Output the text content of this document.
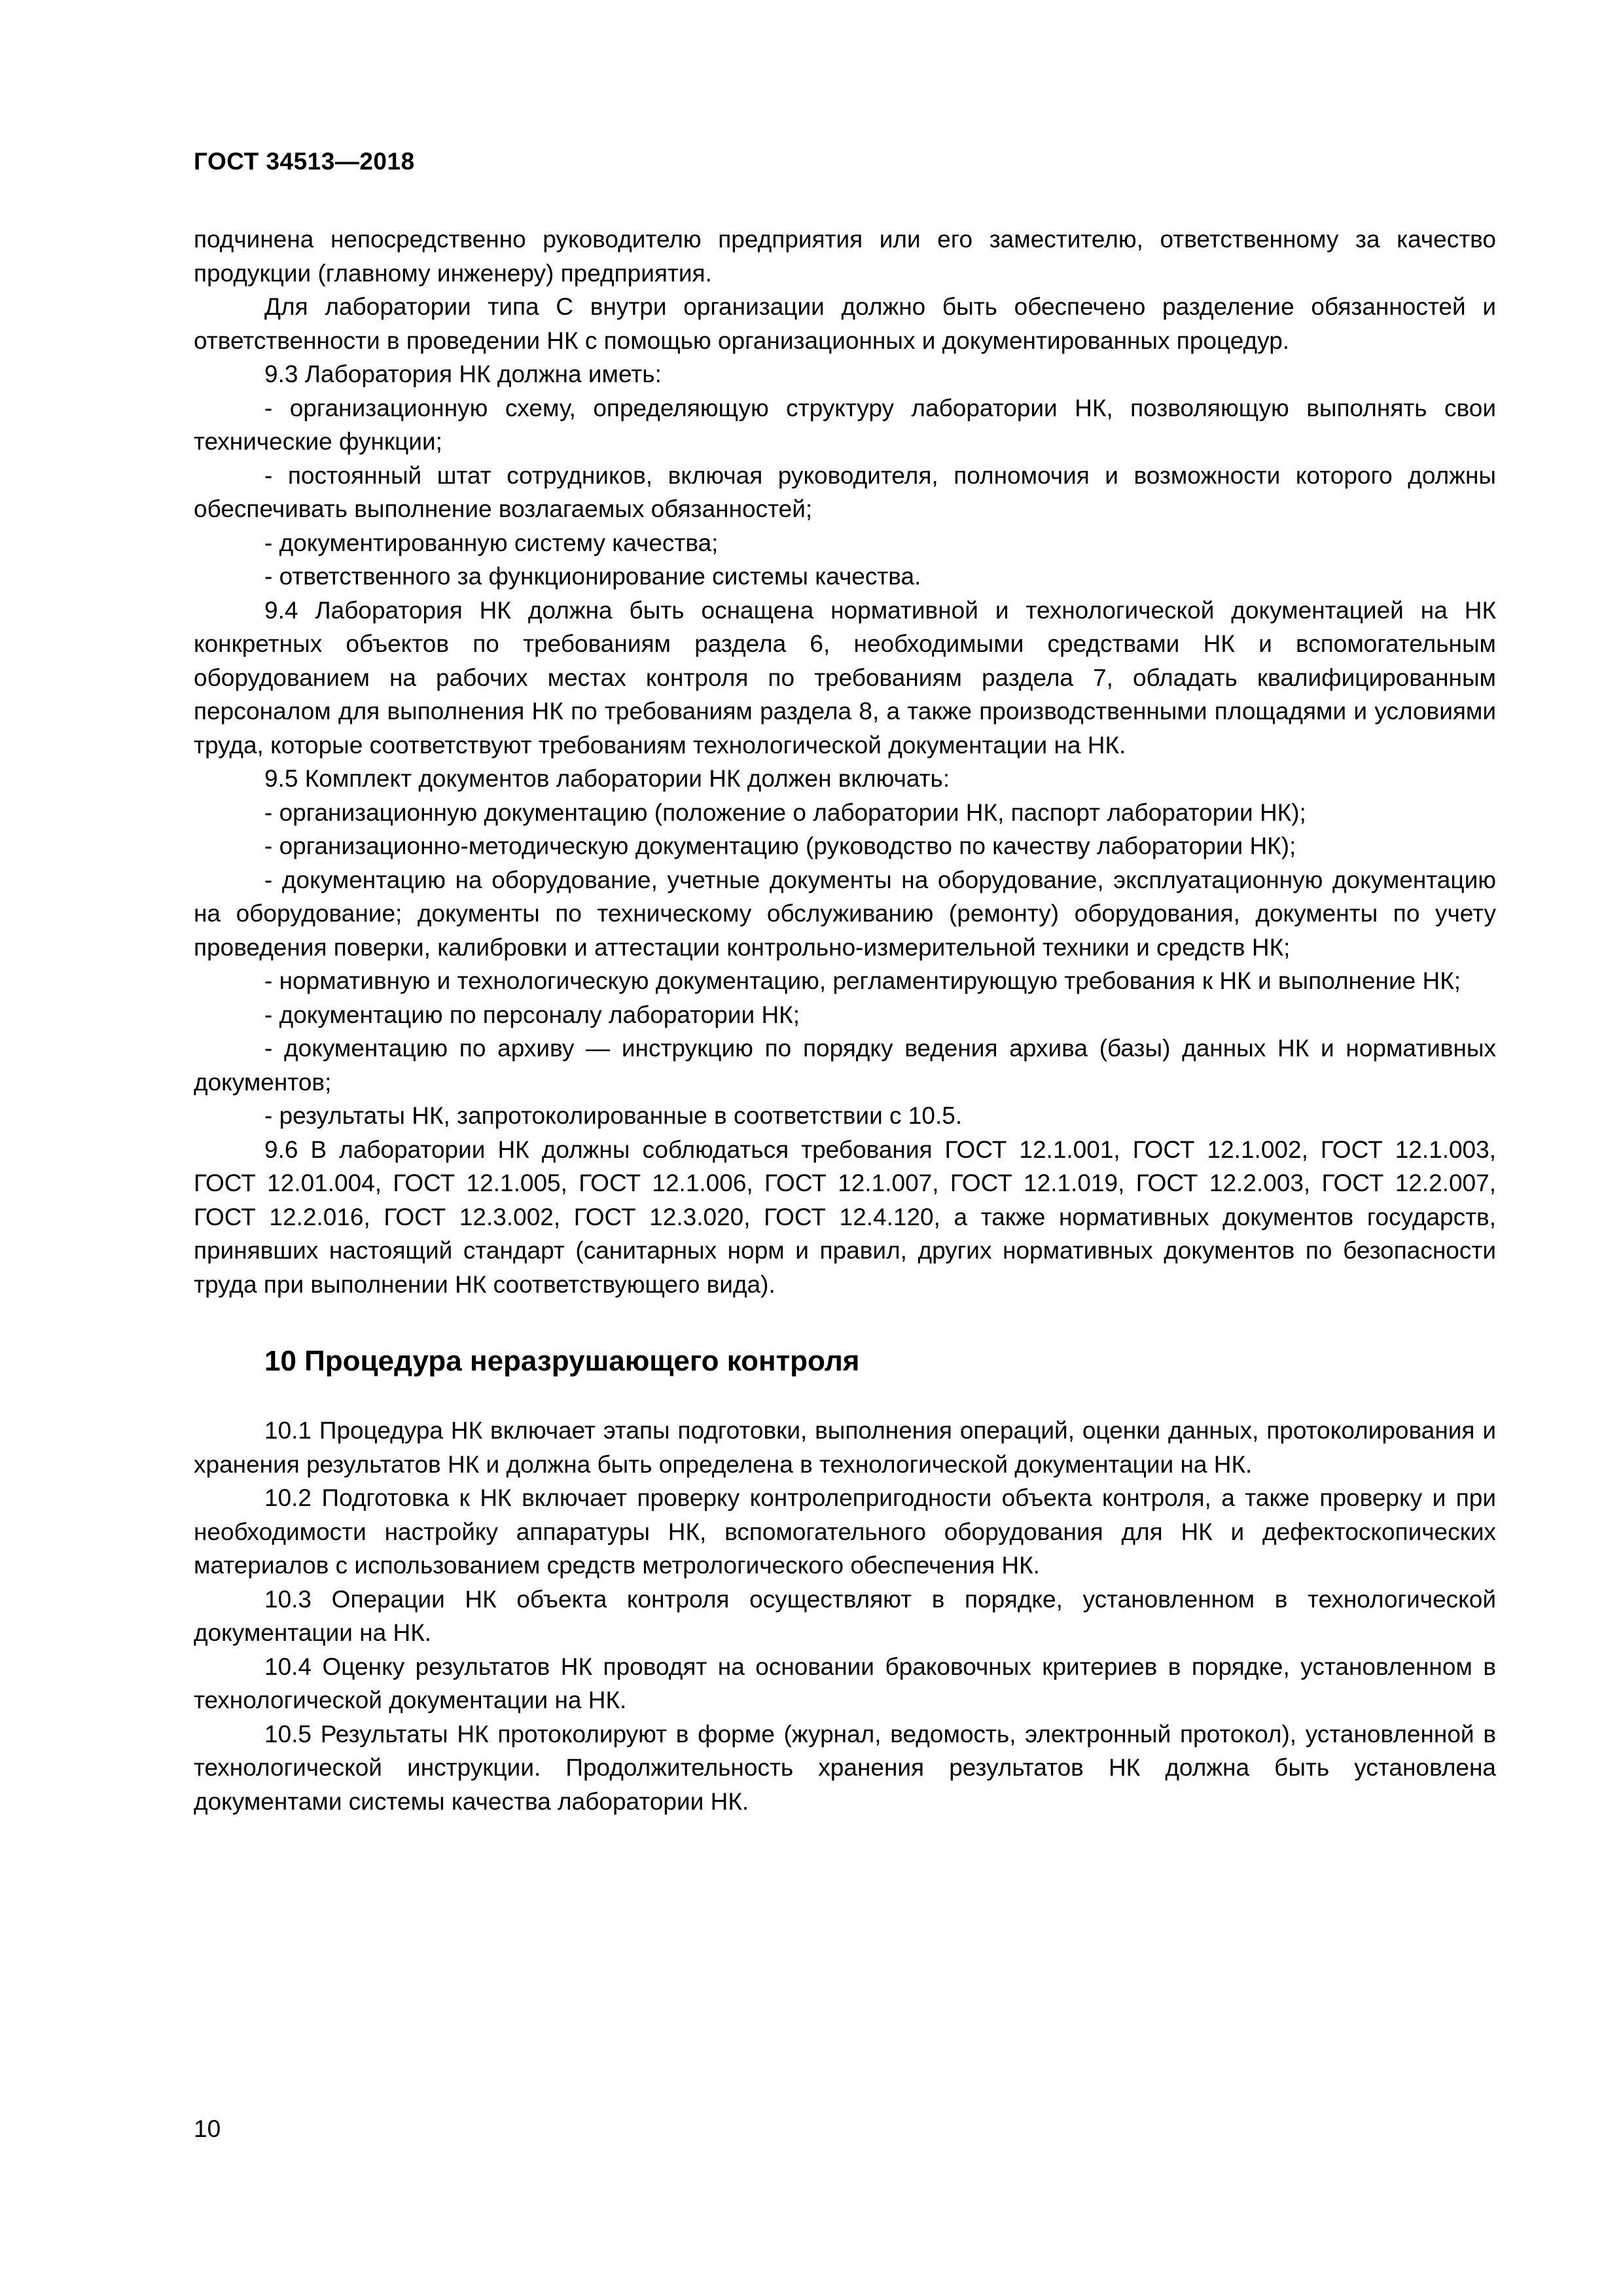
ГОСТ 34513—2018

подчинена непосредственно руководителю предприятия или его заместителю, ответственному за качество продукции (главному инженеру) предприятия.

Для лаборатории типа С внутри организации должно быть обеспечено разделение обязанностей и ответственности в проведении НК с помощью организационных и документированных процедур.

9.3 Лаборатория НК должна иметь:

- организационную схему, определяющую структуру лаборатории НК, позволяющую выполнять свои технические функции;

- постоянный штат сотрудников, включая руководителя, полномочия и возможности которого должны обеспечивать выполнение возлагаемых обязанностей;

- документированную систему качества;

- ответственного за функционирование системы качества.

9.4 Лаборатория НК должна быть оснащена нормативной и технологической документацией на НК конкретных объектов по требованиям раздела 6, необходимыми средствами НК и вспомогательным оборудованием на рабочих местах контроля по требованиям раздела 7, обладать квалифицированным персоналом для выполнения НК по требованиям раздела 8, а также производственными площадями и условиями труда, которые соответствуют требованиям технологической документации на НК.

9.5 Комплект документов лаборатории НК должен включать:

- организационную документацию (положение о лаборатории НК, паспорт лаборатории НК);

- организационно-методическую документацию (руководство по качеству лаборатории НК);

- документацию на оборудование, учетные документы на оборудование, эксплуатационную документацию на оборудование; документы по техническому обслуживанию (ремонту) оборудования, документы по учету проведения поверки, калибровки и аттестации контрольно-измерительной техники и средств НК;

- нормативную и технологическую документацию, регламентирующую требования к НК и выполнение НК;

- документацию по персоналу лаборатории НК;

- документацию по архиву — инструкцию по порядку ведения архива (базы) данных НК и нормативных документов;

- результаты НК, запротоколированные в соответствии с 10.5.

9.6 В лаборатории НК должны соблюдаться требования ГОСТ 12.1.001, ГОСТ 12.1.002, ГОСТ 12.1.003, ГОСТ 12.01.004, ГОСТ 12.1.005, ГОСТ 12.1.006, ГОСТ 12.1.007, ГОСТ 12.1.019, ГОСТ 12.2.003, ГОСТ 12.2.007, ГОСТ 12.2.016, ГОСТ 12.3.002, ГОСТ 12.3.020, ГОСТ 12.4.120, а также нормативных документов государств, принявших настоящий стандарт (санитарных норм и правил, других нормативных документов по безопасности труда при выполнении НК соответствующего вида).

10 Процедура неразрушающего контроля

10.1 Процедура НК включает этапы подготовки, выполнения операций, оценки данных, протоколирования и хранения результатов НК и должна быть определена в технологической документации на НК.

10.2 Подготовка к НК включает проверку контролепригодности объекта контроля, а также проверку и при необходимости настройку аппаратуры НК, вспомогательного оборудования для НК и дефектоскопических материалов с использованием средств метрологического обеспечения НК.

10.3 Операции НК объекта контроля осуществляют в порядке, установленном в технологической документации на НК.

10.4 Оценку результатов НК проводят на основании браковочных критериев в порядке, установленном в технологической документации на НК.

10.5 Результаты НК протоколируют в форме (журнал, ведомость, электронный протокол), установленной в технологической инструкции. Продолжительность хранения результатов НК должна быть установлена документами системы качества лаборатории НК.

10
